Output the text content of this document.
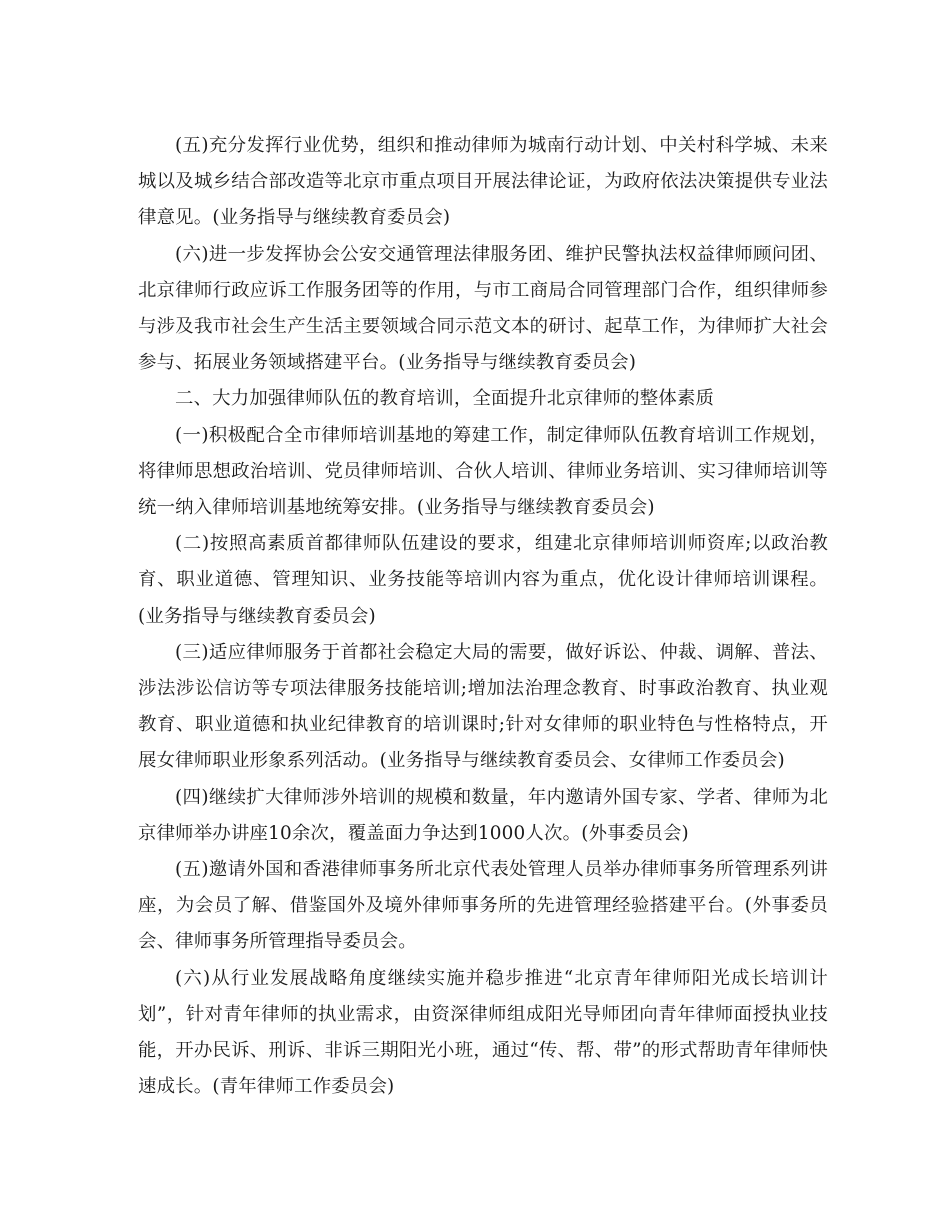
(五)充分发挥行业优势，组织和推动律师为城南行动计划、中关村科学城、未来城以及城乡结合部改造等北京市重点项目开展法律论证，为政府依法决策提供专业法律意见。(业务指导与继续教育委员会)

(六)进一步发挥协会公安交通管理法律服务团、维护民警执法权益律师顾问团、北京律师行政应诉工作服务团等的作用，与市工商局合同管理部门合作，组织律师参与涉及我市社会生产生活主要领域合同示范文本的研讨、起草工作，为律师扩大社会参与、拓展业务领域搭建平台。(业务指导与继续教育委员会)

二、大力加强律师队伍的教育培训，全面提升北京律师的整体素质

(一)积极配合全市律师培训基地的筹建工作，制定律师队伍教育培训工作规划，将律师思想政治培训、党员律师培训、合伙人培训、律师业务培训、实习律师培训等统一纳入律师培训基地统筹安排。(业务指导与继续教育委员会)

(二)按照高素质首都律师队伍建设的要求，组建北京律师培训师资库;以政治教育、职业道德、管理知识、业务技能等培训内容为重点，优化设计律师培训课程。(业务指导与继续教育委员会)

(三)适应律师服务于首都社会稳定大局的需要，做好诉讼、仲裁、调解、普法、涉法涉讼信访等专项法律服务技能培训;增加法治理念教育、时事政治教育、执业观教育、职业道德和执业纪律教育的培训课时;针对女律师的职业特色与性格特点，开展女律师职业形象系列活动。(业务指导与继续教育委员会、女律师工作委员会)

(四)继续扩大律师涉外培训的规模和数量，年内邀请外国专家、学者、律师为北京律师举办讲座10余次，覆盖面力争达到1000人次。(外事委员会)

(五)邀请外国和香港律师事务所北京代表处管理人员举办律师事务所管理系列讲座，为会员了解、借鉴国外及境外律师事务所的先进管理经验搭建平台。(外事委员会、律师事务所管理指导委员会。

(六)从行业发展战略角度继续实施并稳步推进“北京青年律师阳光成长培训计划”，针对青年律师的执业需求，由资深律师组成阳光导师团向青年律师面授执业技能，开办民诉、刑诉、非诉三期阳光小班，通过“传、帮、带”的形式帮助青年律师快速成长。(青年律师工作委员会)
